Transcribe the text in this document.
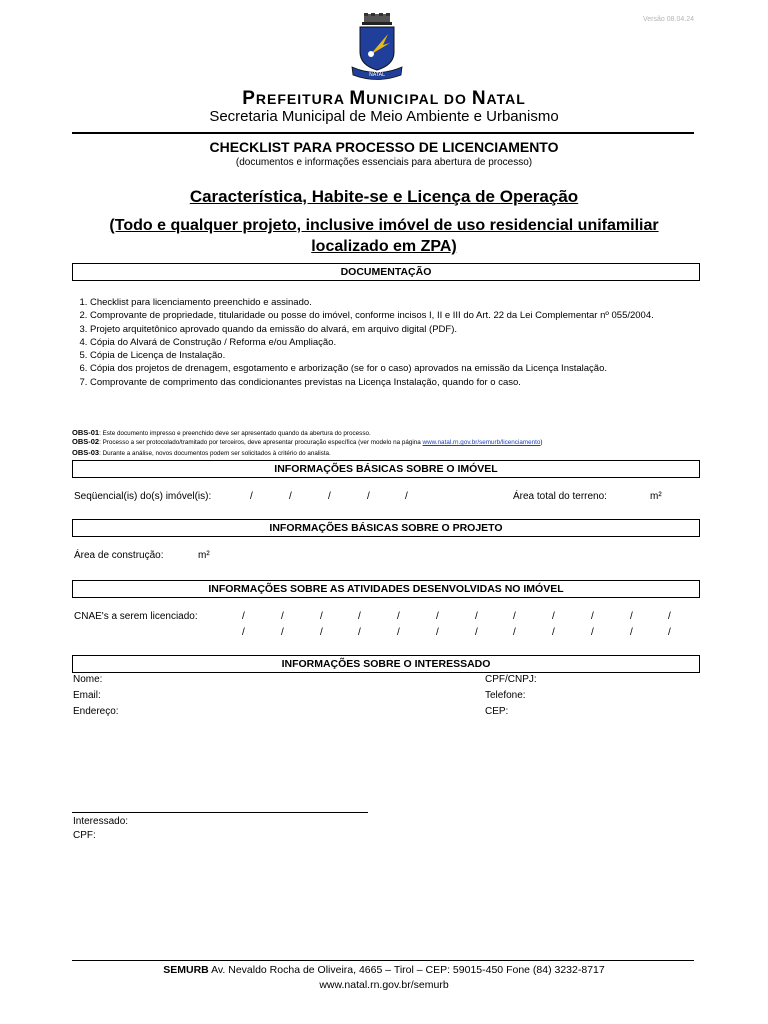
Versão 08.04.24
NATAL
PREFEITURA MUNICIPAL DO NATAL
Secretaria Municipal de Meio Ambiente e Urbanismo
CHECKLIST PARA PROCESSO DE LICENCIAMENTO
(documentos e informações essenciais para abertura de processo)
Característica, Habite-se e Licença de Operação
(Todo e qualquer projeto, inclusive imóvel de uso residencial unifamiliar localizado em ZPA)
DOCUMENTAÇÃO
1. Checklist para licenciamento preenchido e assinado.
2. Comprovante de propriedade, titularidade ou posse do imóvel, conforme incisos I, II e III do Art. 22 da Lei Complementar nº 055/2004.
3. Projeto arquitetônico aprovado quando da emissão do alvará, em arquivo digital (PDF).
4. Cópia do Alvará de Construção / Reforma e/ou Ampliação.
5. Cópia de Licença de Instalação.
6. Cópia dos projetos de drenagem, esgotamento e arborização (se for o caso) aprovados na emissão da Licença Instalação.
7. Comprovante de comprimento das condicionantes previstas na Licença Instalação, quando for o caso.
OBS-01: Este documento impresso e preenchido deve ser apresentado quando da abertura do processo.
OBS-02: Processo a ser protocolado/tramitado por terceiros, deve apresentar procuração específica (ver modelo na página www.natal.rn.gov.br/semurb/licenciamento)
OBS-03: Durante a análise, novos documentos podem ser solicitados à critério do analista.
INFORMAÇÕES BÁSICAS SOBRE O IMÓVEL
Seqüencial(is) do(s) imóvel(is):	/	/	/	/	/	Área total do terreno:	m²
INFORMAÇÕES BÁSICAS SOBRE O PROJETO
Área de construção:	m²
INFORMAÇÕES SOBRE AS ATIVIDADES DESENVOLVIDAS NO IMÓVEL
CNAE's a serem licenciado:	/	/	/	/	/	/	/	/	/	/	/	/
/	/	/	/	/	/	/	/	/	/	/	/
INFORMAÇÕES SOBRE O INTERESSADO
Nome:	CPF/CNPJ:
Email:	Telefone:
Endereço:	CEP:
Interessado:
CPF:
SEMURB Av. Nevaldo Rocha de Oliveira, 4665 – Tirol – CEP: 59015-450 Fone (84) 3232-8717
www.natal.rn.gov.br/semurb
